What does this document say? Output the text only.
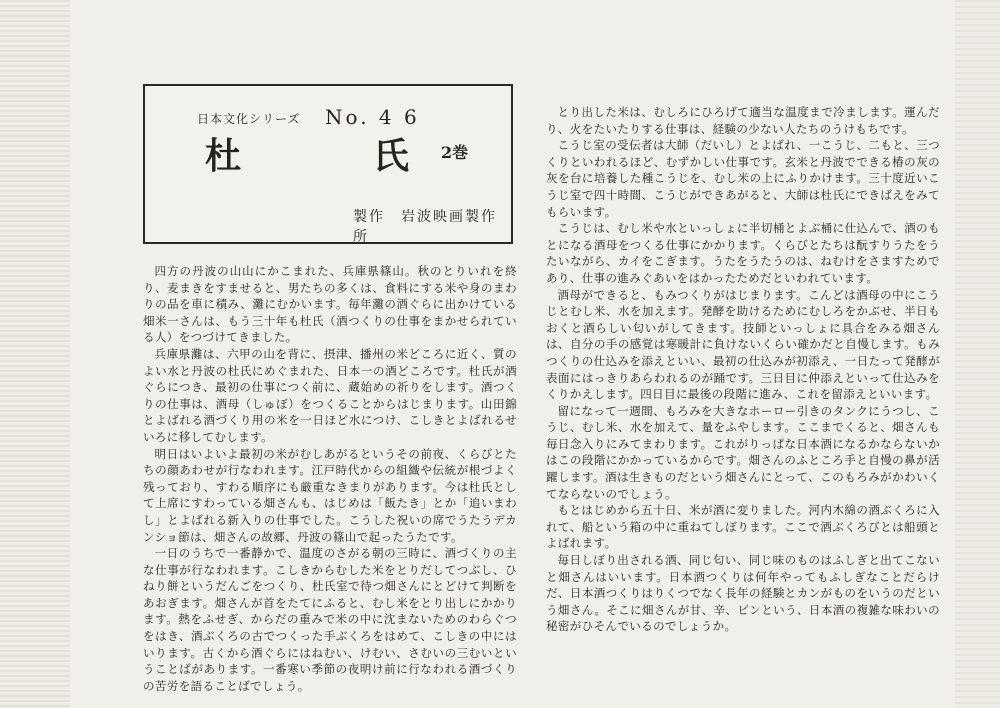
日本文化シリーズ No. 4 6
杜	氏 2巻
製作　岩波映画製作所

四方の丹波の山山にかこまれた、兵庫県篠山。秋のとりいれを終り、麦まきをすませると、男たちの多くは、食料にする米や身のまわりの品を車に積み、灘にむかいます。毎年灘の酒ぐらに出かけている畑米一さんは、もう三十年も杜氏（酒つくりの仕事をまかせられている人）をつづけてきました。

兵庫県灘は、六甲の山を背に、摂津、播州の米どころに近く、質のよい水と丹波の杜氏にめぐまれた、日本一の酒どころです。杜氏が酒ぐらにつき、最初の仕事につく前に、蔵始めの祈りをします。酒つくりの仕事は、酒母（しゅぼ）をつくることからはじまります。山田錦とよばれる酒づくり用の米を一日ほど水につけ、こしきとよばれるせいろに移してむします。

明日はいよいよ最初の米がむしあがるというその前夜、くらびとたちの顔あわせが行なわれます。江戸時代からの組織や伝統が根づよく残っており、すわる順序にも厳重なきまりがあります。今は杜氏として上席にすわっている畑さんも、はじめは「飯たき」とか「追いまわし」とよばれる新入りの仕事でした。こうした祝いの席でうたうデカンショ節は、畑さんの故郷、丹波の篠山で起ったうたです。

一日のうちで一番静かで、温度のさがる朝の三時に、酒づくりの主な仕事が行なわれます。こしきからむした米をとりだしてつぶし、ひねり餅というだんごをつくり、杜氏室で待つ畑さんにとどけて判断をあおぎます。畑さんが首をたてにふると、むし米をとり出しにかかります。熱をふせぎ、からだの重みで米の中に沈まないためのわらぐつをはき、酒ぶくろの古でつくった手ぶくろをはめて、こしきの中にはいります。古くから酒ぐらにはねむい、けむい、さむいの三むいということばがあります。一番寒い季節の夜明け前に行なわれる酒づくりの苦労を語ることばでしょう。

とり出した米は、むしろにひろげて適当な温度まで冷まします。運んだり、火をたいたりする仕事は、経験の少ない人たちのうけもちです。

こうじ室の受伝者は大師（だいし）とよばれ、一こうじ、二もと、三つくりといわれるほど、むずかしい仕事です。玄米と丹波でできる椿の灰の灰を台に培養した種こうじを、むし米の上にふりかけます。三十度近いこうじ室で四十時間、こうじができあがると、大師は杜氏にできばえをみてもらいます。

こうじは、むし米や水といっしょに半切桶とよぶ桶に仕込んで、酒のもとになる酒母をつくる仕事にかかります。くらびとたちは酛すりうたをうたいながら、カイをこぎます。うたをうたうのは、ねむけをさますためであり、仕事の進みぐあいをはかったためだといわれています。

酒母ができると、もみつくりがはじまります。こんどは酒母の中にこうじとむし米、水を加えます。発酵を助けるためにむしろをかぶせ、半日もおくと酒らしい匂いがしてきます。技師といっしょに具合をみる畑さんは、自分の手の感覚は寒暖計に負けないくらい確かだと自慢します。もみつくりの仕込みを添えといい、最初の仕込みが初添え、一日たって発酵が表面にはっきりあらわれるのが踊です。三日目に仲添えといって仕込みをくりかえします。四日目に最後の段階に進み、これを留添えといいます。

留になって一週間、もろみを大きなホーロー引きのタンクにうつし、こうじ、むし米、水を加えて、量をふやします。ここまでくると、畑さんも毎日念入りにみてまわります。これがりっぱな日本酒になるかならないかはこの段階にかかっているからです。畑さんのふところ手と自慢の鼻が活躍します。酒は生きものだという畑さんにとって、このもろみがかわいくてならないのでしょう。

もとはじめから五十日、米が酒に変りました。河内木綿の酒ぶくろに入れて、船という箱の中に重ねてしぼります。ここで酒ぶくろびとは船頭とよばれます。

毎日しぼり出される酒、同じ匂い、同じ味のものはふしぎと出てこないと畑さんはいいます。日本酒つくりは何年やってもふしぎなことだらけだ、日本酒つくりはりくつでなく長年の経験とカンがものをいうのだという畑さん。そこに畑さんが甘、辛、ピンという、日本酒の複雑な味わいの秘密がひそんでいるのでしょうか。
